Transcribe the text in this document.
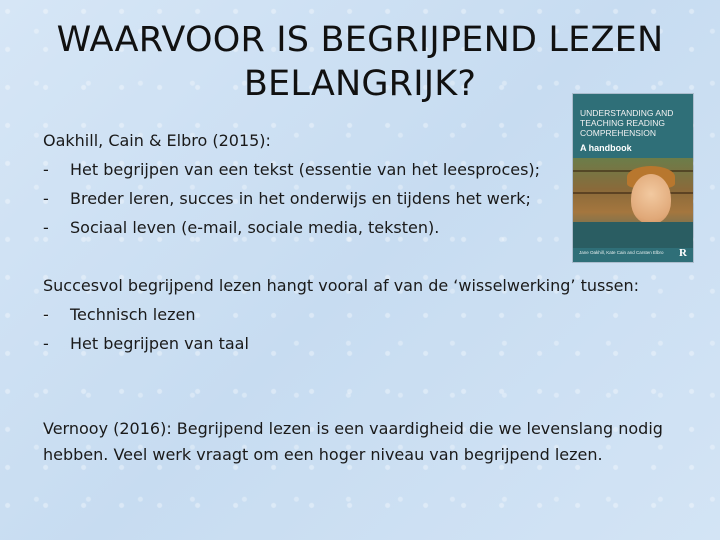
WAARVOOR IS BEGRIJPEND LEZEN
BELANGRIJK?
Oakhill, Cain & Elbro (2015):
-	Het begrijpen van een tekst (essentie van het leesproces);
-	Breder leren, succes in het onderwijs en tijdens het werk;
-	Sociaal leven (e-mail, sociale media, teksten).
Succesvol begrijpend lezen hangt vooral af van de ‘wisselwerking’ tussen:
-	Technisch lezen
-	Het begrijpen van taal
Vernooy (2016): Begrijpend lezen is een vaardigheid die we levenslang nodig hebben. Veel werk vraagt om een hoger niveau van begrijpend lezen.
UNDERSTANDING AND TEACHING READING COMPREHENSION
A handbook
Jane Oakhill, Kate Cain and Carsten Elbro	R
